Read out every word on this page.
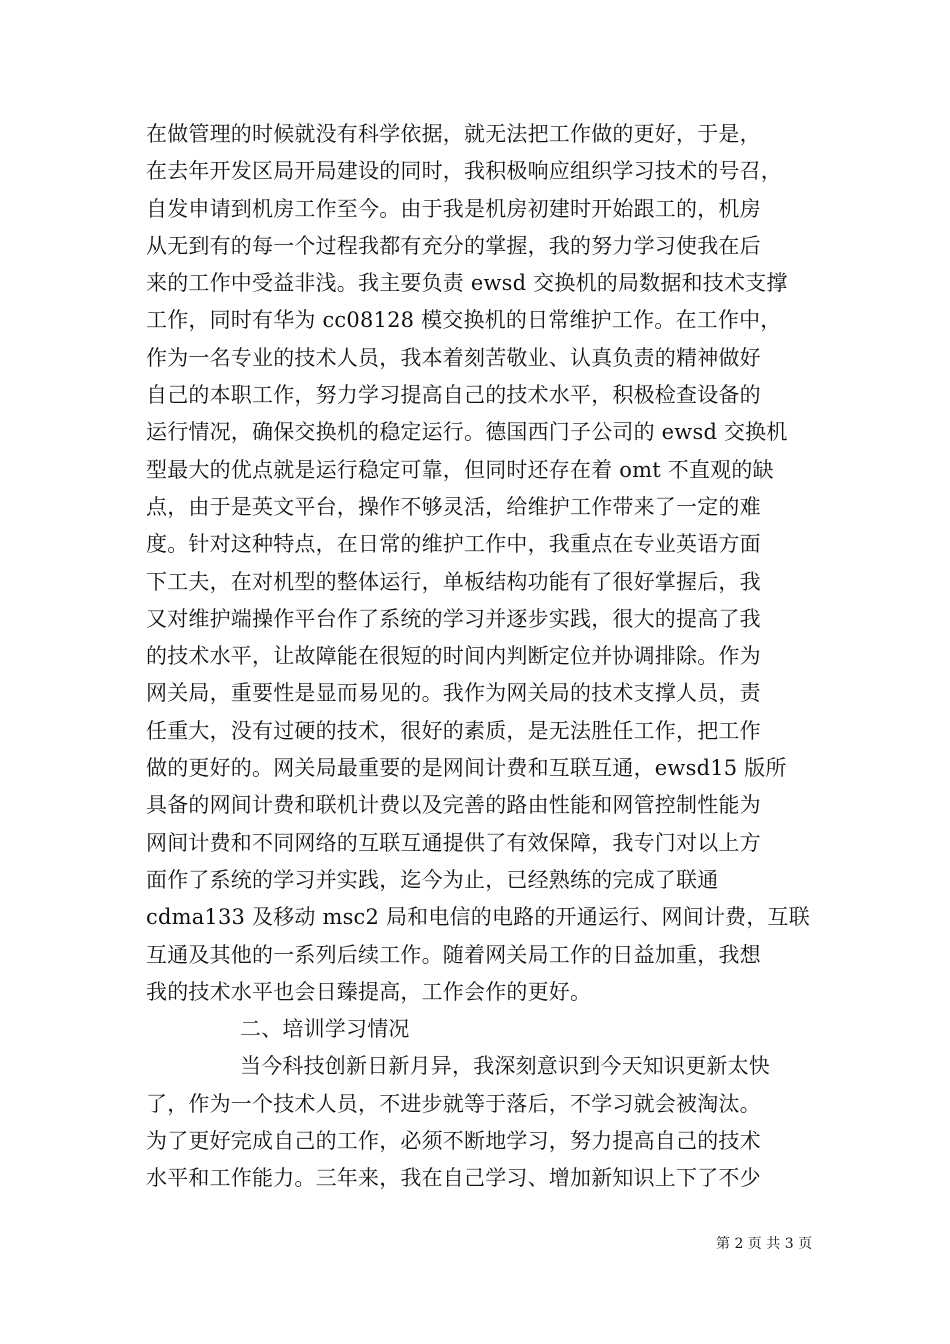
在做管理的时候就没有科学依据，就无法把工作做的更好，于是，
在去年开发区局开局建设的同时，我积极响应组织学习技术的号召，
自发申请到机房工作至今。由于我是机房初建时开始跟工的，机房
从无到有的每一个过程我都有充分的掌握，我的努力学习使我在后
来的工作中受益非浅。我主要负责 ewsd 交换机的局数据和技术支撑
工作，同时有华为 cc08128 模交换机的日常维护工作。在工作中，
作为一名专业的技术人员，我本着刻苦敬业、认真负责的精神做好
自己的本职工作，努力学习提高自己的技术水平，积极检查设备的
运行情况，确保交换机的稳定运行。德国西门子公司的 ewsd 交换机
型最大的优点就是运行稳定可靠，但同时还存在着 omt 不直观的缺
点，由于是英文平台，操作不够灵活，给维护工作带来了一定的难
度。针对这种特点，在日常的维护工作中，我重点在专业英语方面
下工夫，在对机型的整体运行，单板结构功能有了很好掌握后，我
又对维护端操作平台作了系统的学习并逐步实践，很大的提高了我
的技术水平，让故障能在很短的时间内判断定位并协调排除。作为
网关局，重要性是显而易见的。我作为网关局的技术支撑人员，责
任重大，没有过硬的技术，很好的素质，是无法胜任工作，把工作
做的更好的。网关局最重要的是网间计费和互联互通，ewsd15 版所
具备的网间计费和联机计费以及完善的路由性能和网管控制性能为
网间计费和不同网络的互联互通提供了有效保障，我专门对以上方
面作了系统的学习并实践，迄今为止，已经熟练的完成了联通
cdma133 及移动 msc2 局和电信的电路的开通运行、网间计费，互联
互通及其他的一系列后续工作。随着网关局工作的日益加重，我想
我的技术水平也会日臻提高，工作会作的更好。
二、培训学习情况
当今科技创新日新月异，我深刻意识到今天知识更新太快
了，作为一个技术人员，不进步就等于落后，不学习就会被淘汰。
为了更好完成自己的工作，必须不断地学习，努力提高自己的技术
水平和工作能力。三年来，我在自己学习、增加新知识上下了不少
第 2 页 共 3 页
